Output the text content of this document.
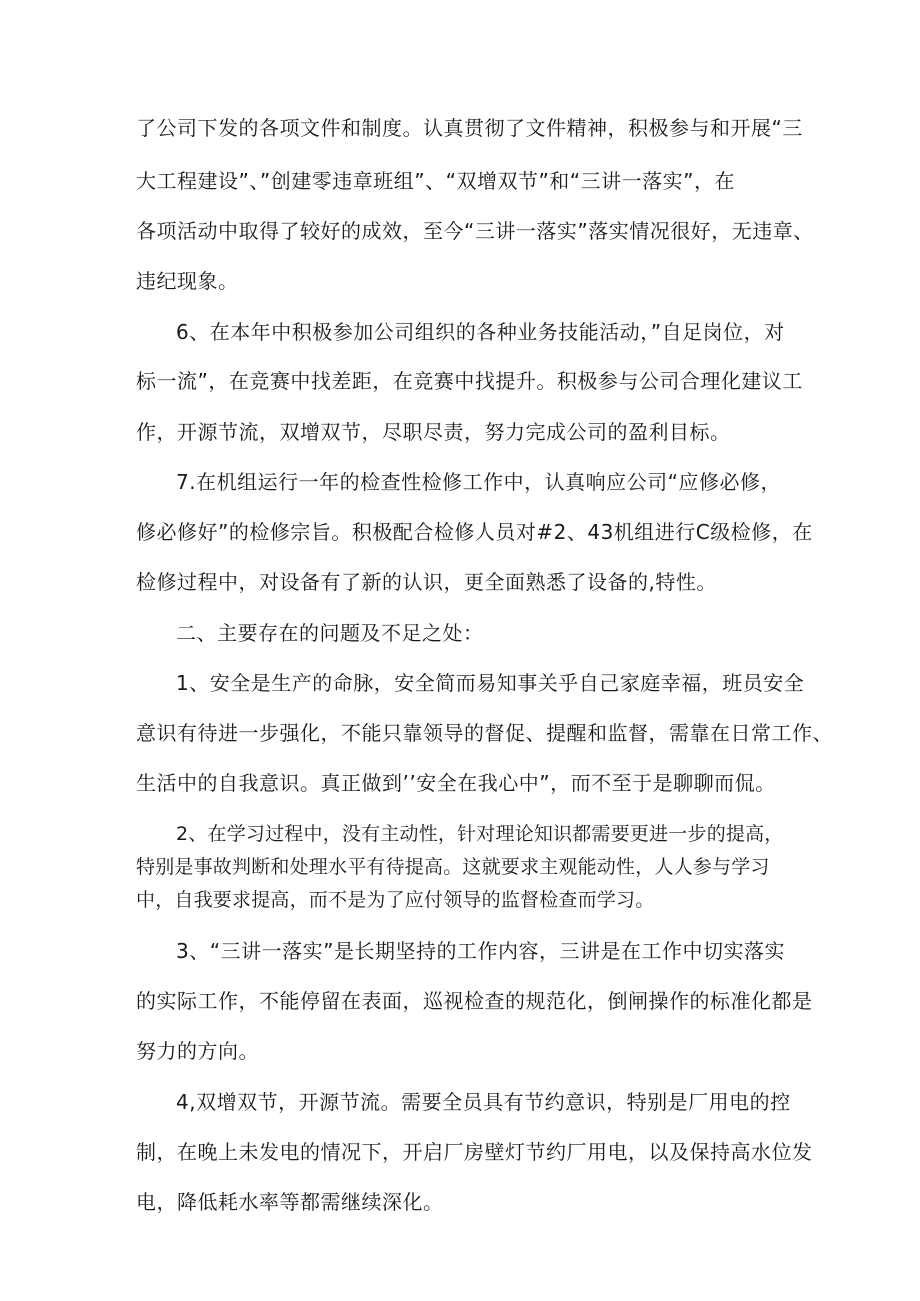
了公司下发的各项文件和制度。认真贯彻了文件精神，积极参与和开展“三
大工程建设”、”创建零违章班组”、“双增双节”和“三讲一落实”，在
各项活动中取得了较好的成效，至今“三讲一落实”落实情况很好，无违章、
违纪现象。
6、在本年中积极参加公司组织的各种业务技能活动，”自足岗位，对
标一流”，在竞赛中找差距，在竞赛中找提升。积极参与公司合理化建议工
作，开源节流，双增双节，尽职尽责，努力完成公司的盈利目标。
7.在机组运行一年的检查性检修工作中，认真响应公司“应修必修，
修必修好”的检修宗旨。积极配合检修人员对#2、43机组进行C级检修，在
检修过程中，对设备有了新的认识，更全面熟悉了设备的,特性。
二、主要存在的问题及不足之处：
1、安全是生产的命脉，安全简而易知事关乎自己家庭幸福，班员安全
意识有待进一步强化，不能只靠领导的督促、提醒和监督，需靠在日常工作、
生活中的自我意识。真正做到’’安全在我心中”，而不至于是聊聊而侃。
2、在学习过程中，没有主动性，针对理论知识都需要更进一步的提高，
特别是事故判断和处理水平有待提高。这就要求主观能动性，人人参与学习
中，自我要求提高，而不是为了应付领导的监督检查而学习。
3、“三讲一落实”是长期坚持的工作内容，三讲是在工作中切实落实
的实际工作，不能停留在表面，巡视检查的规范化，倒闸操作的标准化都是
努力的方向。
4,双增双节，开源节流。需要全员具有节约意识，特别是厂用电的控
制，在晚上未发电的情况下，开启厂房壁灯节约厂用电，以及保持高水位发
电，降低耗水率等都需继续深化。
